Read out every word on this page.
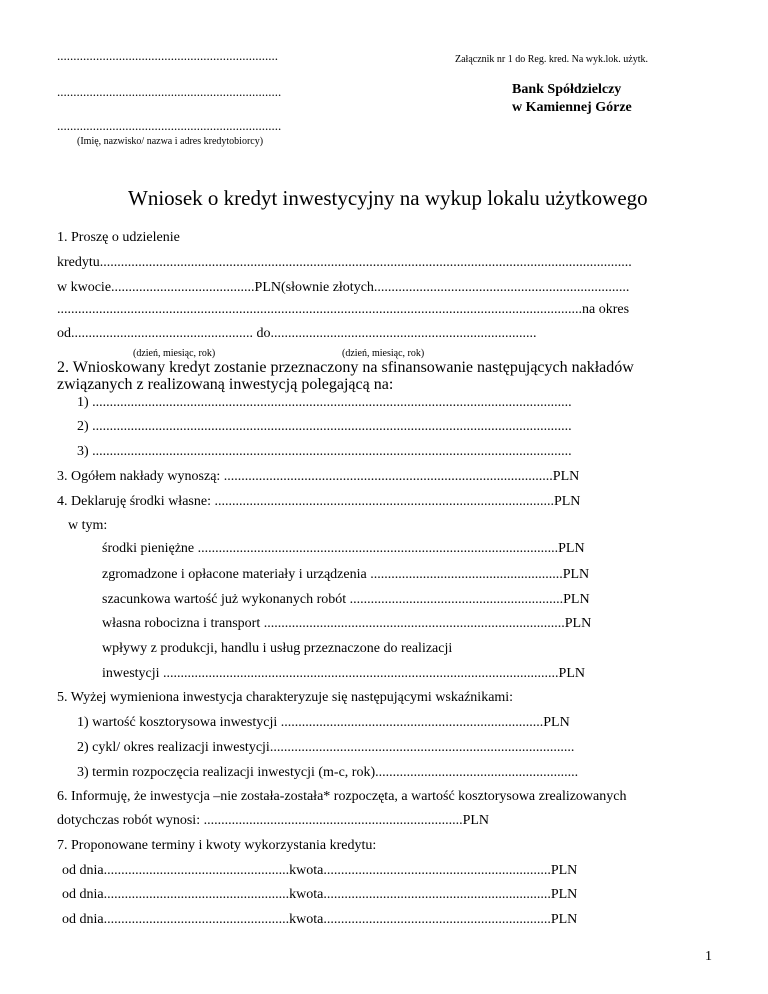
....................................................................
.....................................................................
.....................................................................
(Imię, nazwisko/ nazwa i adres kredytobiorcy)
Załącznik nr 1 do Reg. kred. Na wyk.lok. użytk.
Bank Spółdzielczy
w Kamiennej Górze
Wniosek o kredyt inwestycyjny na wykup lokalu użytkowego
1. Proszę o udzielenie
kredytu........................................................................................................................................................
w kwocie.........................................PLN(słownie złotych.........................................................................
......................................................................................................................................................na okres
od.................................................... do............................................................................
(dzień, miesiąc, rok)	(dzień, miesiąc, rok)
2. Wnioskowany kredyt zostanie przeznaczony na sfinansowanie następujących nakładów
związanych z realizowaną inwestycją polegającą na:
1) .........................................................................................................................................
2) .........................................................................................................................................
3) .........................................................................................................................................
3. Ogółem nakłady wynoszą: ..............................................................................................PLN
4. Deklaruję środki własne: .................................................................................................PLN
w tym:
środki pieniężne .......................................................................................................PLN
zgromadzone i opłacone materiały i urządzenia .......................................................PLN
szacunkowa wartość już wykonanych robót .............................................................PLN
własna robocizna i transport ......................................................................................PLN
wpływy z produkcji, handlu i usług przeznaczone do realizacji
inwestycji .................................................................................................................PLN
5. Wyżej wymieniona inwestycja charakteryzuje się następującymi wskaźnikami:
1) wartość kosztorysowa inwestycji ...........................................................................PLN
2) cykl/ okres realizacji inwestycji.......................................................................................
3) termin rozpoczęcia realizacji inwestycji (m-c, rok)..........................................................
6. Informuję, że inwestycja –nie została-została* rozpoczęta, a wartość kosztorysowa zrealizowanych
dotychczas robót wynosi: ..........................................................................PLN
7. Proponowane terminy i kwoty wykorzystania kredytu:
od dnia.....................................................kwota.................................................................PLN
od dnia.....................................................kwota.................................................................PLN
od dnia.....................................................kwota.................................................................PLN
1
